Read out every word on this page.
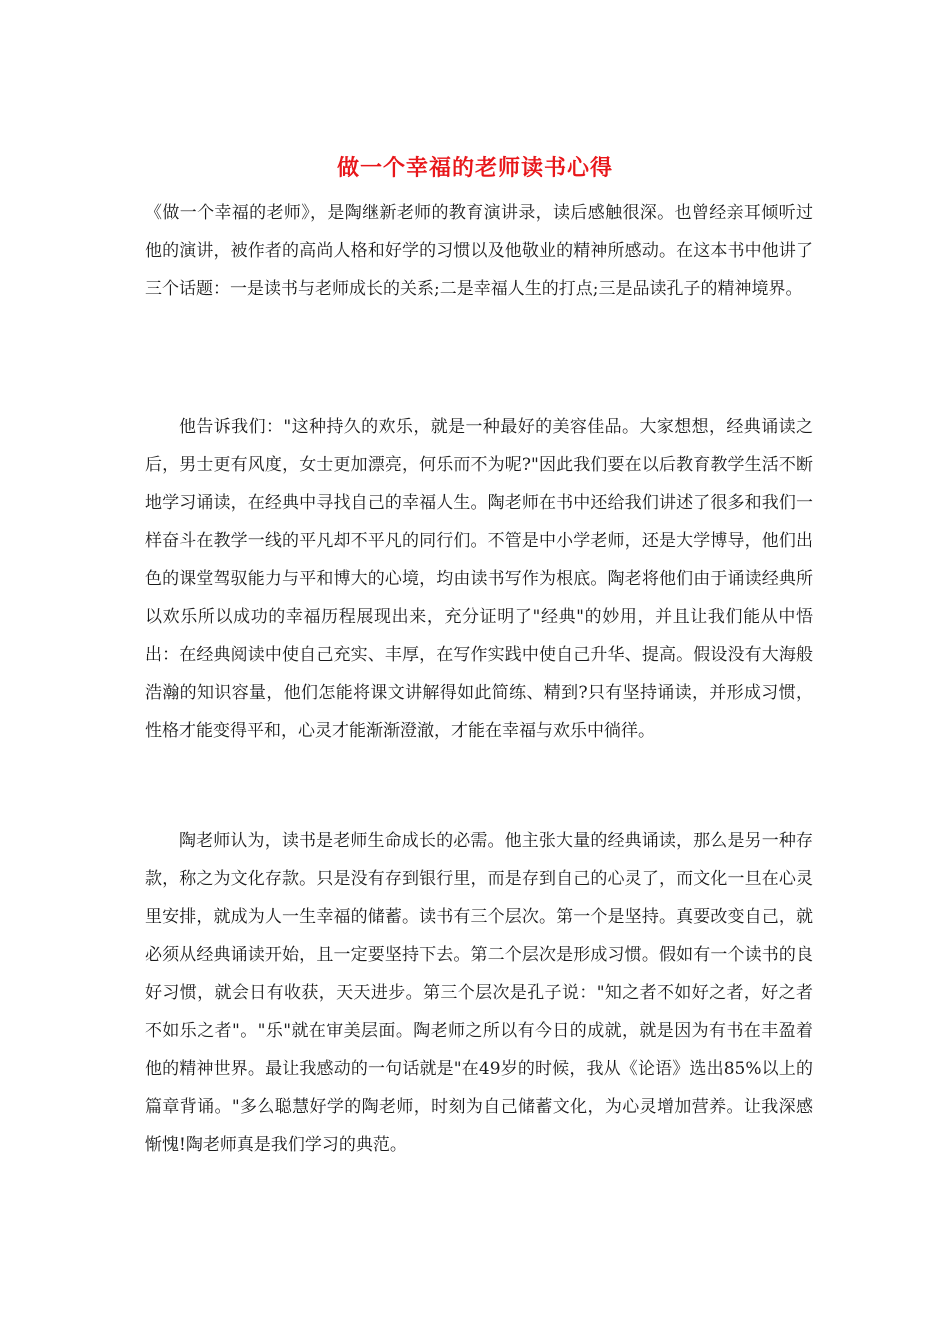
做一个幸福的老师读书心得

《做一个幸福的老师》，是陶继新老师的教育演讲录，读后感触很深。也曾经亲耳倾听过他的演讲，被作者的高尚人格和好学的习惯以及他敬业的精神所感动。在这本书中他讲了三个话题：一是读书与老师成长的关系;二是幸福人生的打点;三是品读孔子的精神境界。

他告诉我们："这种持久的欢乐，就是一种最好的美容佳品。大家想想，经典诵读之后，男士更有风度，女士更加漂亮，何乐而不为呢?"因此我们要在以后教育教学生活不断地学习诵读，在经典中寻找自己的幸福人生。陶老师在书中还给我们讲述了很多和我们一样奋斗在教学一线的平凡却不平凡的同行们。不管是中小学老师，还是大学博导，他们出色的课堂驾驭能力与平和博大的心境，均由读书写作为根底。陶老将他们由于诵读经典所以欢乐所以成功的幸福历程展现出来，充分证明了"经典"的妙用，并且让我们能从中悟出：在经典阅读中使自己充实、丰厚，在写作实践中使自己升华、提高。假设没有大海般浩瀚的知识容量，他们怎能将课文讲解得如此简练、精到?只有坚持诵读，并形成习惯，性格才能变得平和，心灵才能渐渐澄澈，才能在幸福与欢乐中徜徉。

陶老师认为，读书是老师生命成长的必需。他主张大量的经典诵读，那么是另一种存款，称之为文化存款。只是没有存到银行里，而是存到自己的心灵了，而文化一旦在心灵里安排，就成为人一生幸福的储蓄。读书有三个层次。第一个是坚持。真要改变自己，就必须从经典诵读开始，且一定要坚持下去。第二个层次是形成习惯。假如有一个读书的良好习惯，就会日有收获，天天进步。第三个层次是孔子说："知之者不如好之者，好之者不如乐之者"。"乐"就在审美层面。陶老师之所以有今日的成就，就是因为有书在丰盈着他的精神世界。最让我感动的一句话就是"在49岁的时候，我从《论语》选出85%以上的篇章背诵。"多么聪慧好学的陶老师，时刻为自己储蓄文化，为心灵增加营养。让我深感惭愧!陶老师真是我们学习的典范。
